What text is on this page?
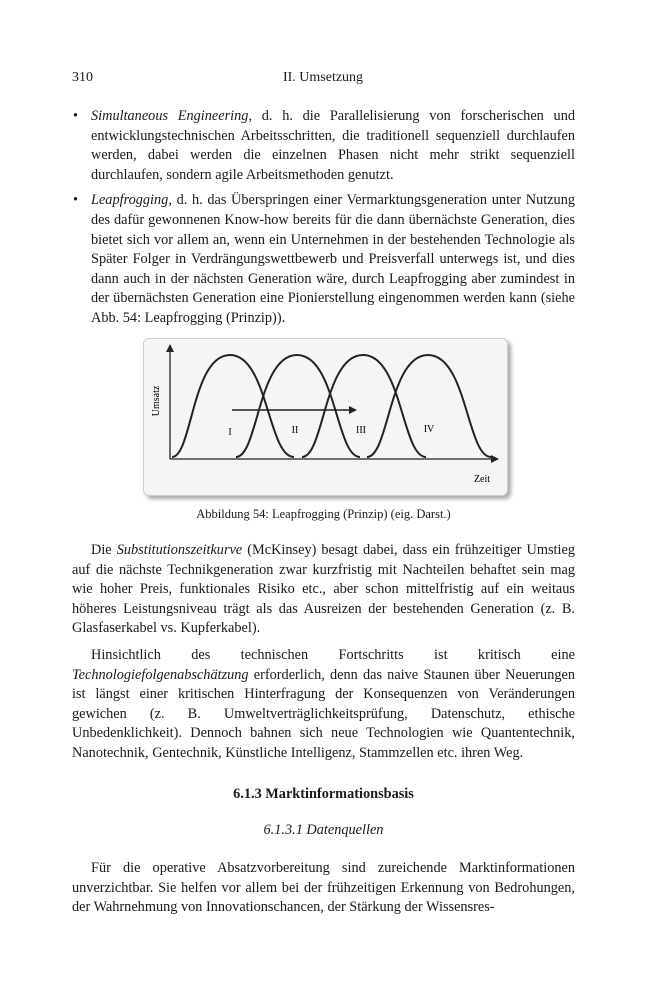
310	II. Umsetzung
• Simultaneous Engineering, d. h. die Parallelisierung von forscherischen und entwicklungstechnischen Arbeitsschritten, die traditionell sequenziell durchlaufen werden, dabei werden die einzelnen Phasen nicht mehr strikt sequenziell durchlaufen, sondern agile Arbeitsmethoden genutzt.
• Leapfrogging, d. h. das Überspringen einer Vermarktungsgeneration unter Nutzung des dafür gewonnenen Know-how bereits für die dann übernächste Generation, dies bietet sich vor allem an, wenn ein Unternehmen in der bestehenden Technologie als Später Folger in Verdrängungswettbewerb und Preisverfall unterwegs ist, und dies dann auch in der nächsten Generation wäre, durch Leapfrogging aber zumindest in der übernächsten Generation eine Pionierstellung eingenommen werden kann (siehe Abb. 54: Leapfrogging (Prinzip)).
Umsatz
Zeit
I	II	III	IV
Abbildung 54: Leapfrogging (Prinzip) (eig. Darst.)

Die Substitutionszeitkurve (McKinsey) besagt dabei, dass ein frühzeitiger Umstieg auf die nächste Technikgeneration zwar kurzfristig mit Nachteilen behaftet sein mag wie hoher Preis, funktionales Risiko etc., aber schon mittelfristig auf ein weitaus höheres Leistungsniveau trägt als das Ausreizen der bestehenden Generation (z. B. Glasfaserkabel vs. Kupferkabel).

Hinsichtlich des technischen Fortschritts ist kritisch eine Technologiefolgenabschätzung erforderlich, denn das naive Staunen über Neuerungen ist längst einer kritischen Hinterfragung der Konsequenzen von Veränderungen gewichen (z. B. Umweltverträglichkeitsprüfung, Datenschutz, ethische Unbedenklichkeit). Dennoch bahnen sich neue Technologien wie Quantentechnik, Nanotechnik, Gentechnik, Künstliche Intelligenz, Stammzellen etc. ihren Weg.

6.1.3 Marktinformationsbasis
6.1.3.1 Datenquellen

Für die operative Absatzvorbereitung sind zureichende Marktinformationen unverzichtbar. Sie helfen vor allem bei der frühzeitigen Erkennung von Bedrohungen, der Wahrnehmung von Innovationschancen, der Stärkung der Wissensres-
